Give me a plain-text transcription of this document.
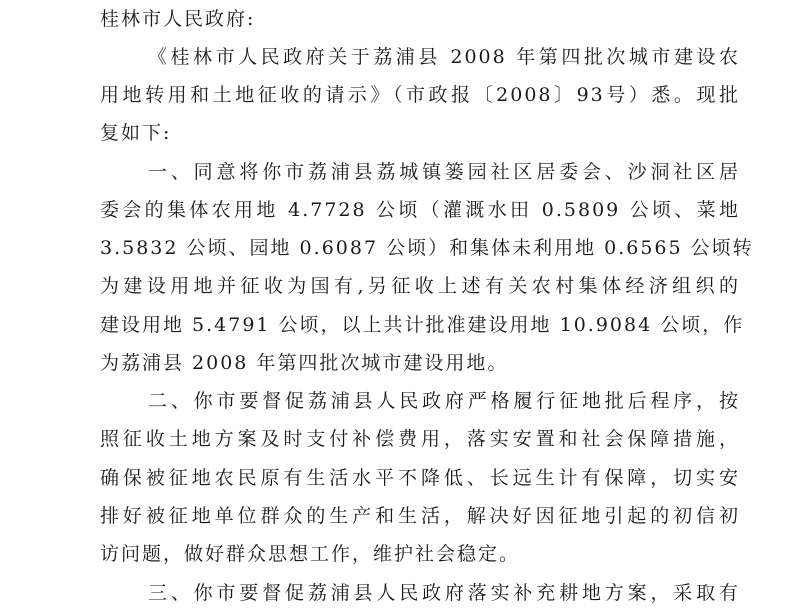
桂林市人民政府:
《桂林市人民政府关于荔浦县 2008 年第四批次城市建设农
用地转用和土地征收的请示》（市政报〔2008〕93号）悉。现批
复如下:
一、同意将你市荔浦县荔城镇篓园社区居委会、沙洞社区居
委会的集体农用地 4.7728 公顷（灌溉水田 0.5809 公顷、菜地
3.5832 公顷、园地 0.6087 公顷）和集体未利用地 0.6565 公顷转
为建设用地并征收为国有,另征收上述有关农村集体经济组织的
建设用地 5.4791 公顷，以上共计批准建设用地 10.9084 公顷，作
为荔浦县 2008 年第四批次城市建设用地。
二、你市要督促荔浦县人民政府严格履行征地批后程序，按
照征收土地方案及时支付补偿费用，落实安置和社会保障措施，
确保被征地农民原有生活水平不降低、长远生计有保障，切实安
排好被征地单位群众的生产和生活，解决好因征地引起的初信初
访问题，做好群众思想工作，维护社会稳定。
三、你市要督促荔浦县人民政府落实补充耕地方案，采取有
